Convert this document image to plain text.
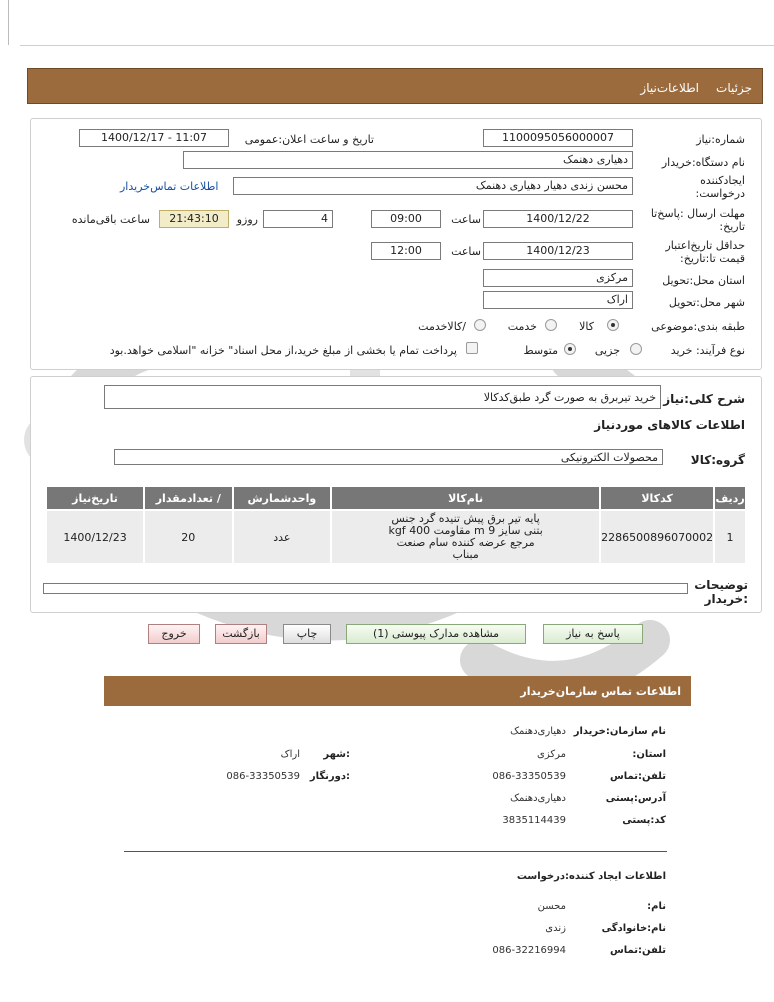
جزئیات
اطلاعات‌نیاز
شماره:نیاز
1100095056000007
تاریخ و ساعت اعلان:عمومی
1400/12/17 - 11:07
نام دستگاه:خریدار
دهیاری دهنمک
ایجادکننده درخواست:
محسن زندی دهیار دهیاری دهنمک
اطلاعات تماس‌خریدار
مهلت ارسال :پاسخ‌تا تاریخ:
1400/12/22
ساعت
09:00
4
روزو
21:43:10
ساعت باقی‌مانده
حداقل تاریخ‌اعتبار قیمت تا:تاریخ:
1400/12/23
ساعت
12:00
استان محل:تحویل
مرکزی
شهر محل:تحویل
اراک
طبقه بندی:موضوعی
کالا
خدمت
/کالاخدمت
نوع فرآیند: خرید
جزیی
متوسط
پرداخت تمام یا بخشی از مبلغ خرید،از محل اسناد" خزانه "اسلامی خواهد.بود
شرح کلی:نیاز
خرید تیربرق به صورت گرد طبق‌کدکالا
اطلاعات کالاهای موردنیاز
گروه:کالا
محصولات الکترونیکی
ردیف	کدکالا	نام‌کالا	واحدشمارش	/ تعدادمقدار	تاریخ‌نیاز
1	2286500896070002	پایه تیر برق پیش تنیده گرد جنس بتنی سایز m 9 مقاومت 400 kgf مرجع عرضه کننده سام صنعت مبناب	عدد	20	1400/12/23
توضیحات :خریدار
پاسخ به نیاز
مشاهده مدارک پیوستی (1)
چاپ
بازگشت
خروج
اطلاعات تماس سازمان‌خریدار
نام سازمان:خریدار
دهیاری‌دهنمک
استان:
مرکزی
:شهر
اراک
تلفن:تماس
086-33350539
:دورنگار
086-33350539
آدرس:پستی
دهیاری‌دهنمک
کد:پستی
3835114439
اطلاعات ایجاد کننده:درخواست
نام:
محسن
نام:خانوادگی
زندی
تلفن:تماس
086-32216994
